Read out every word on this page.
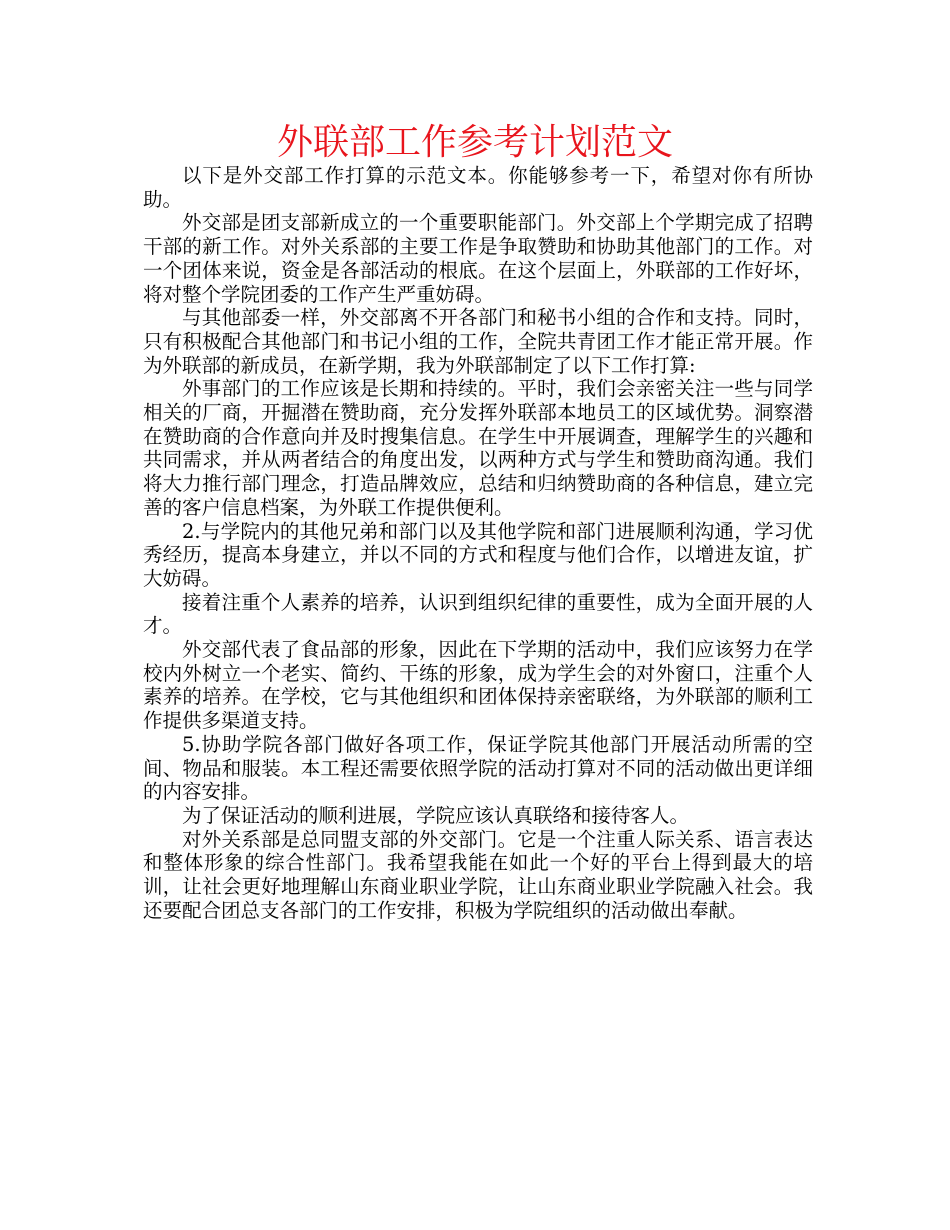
外联部工作参考计划范文

以下是外交部工作打算的示范文本。你能够参考一下，希望对你有所协助。

外交部是团支部新成立的一个重要职能部门。外交部上个学期完成了招聘干部的新工作。对外关系部的主要工作是争取赞助和协助其他部门的工作。对一个团体来说，资金是各部活动的根底。在这个层面上，外联部的工作好坏，将对整个学院团委的工作产生严重妨碍。

与其他部委一样，外交部离不开各部门和秘书小组的合作和支持。同时，只有积极配合其他部门和书记小组的工作，全院共青团工作才能正常开展。作为外联部的新成员，在新学期，我为外联部制定了以下工作打算:

外事部门的工作应该是长期和持续的。平时，我们会亲密关注一些与同学相关的厂商，开掘潜在赞助商，充分发挥外联部本地员工的区域优势。洞察潜在赞助商的合作意向并及时搜集信息。在学生中开展调查，理解学生的兴趣和共同需求，并从两者结合的角度出发，以两种方式与学生和赞助商沟通。我们将大力推行部门理念，打造品牌效应，总结和归纳赞助商的各种信息，建立完善的客户信息档案，为外联工作提供便利。

2.与学院内的其他兄弟和部门以及其他学院和部门进展顺利沟通，学习优秀经历，提高本身建立，并以不同的方式和程度与他们合作，以增进友谊，扩大妨碍。

接着注重个人素养的培养，认识到组织纪律的重要性，成为全面开展的人才。

外交部代表了食品部的形象，因此在下学期的活动中，我们应该努力在学校内外树立一个老实、简约、干练的形象，成为学生会的对外窗口，注重个人素养的培养。在学校，它与其他组织和团体保持亲密联络，为外联部的顺利工作提供多渠道支持。

5.协助学院各部门做好各项工作，保证学院其他部门开展活动所需的空间、物品和服装。本工程还需要依照学院的活动打算对不同的活动做出更详细的内容安排。

为了保证活动的顺利进展，学院应该认真联络和接待客人。

对外关系部是总同盟支部的外交部门。它是一个注重人际关系、语言表达和整体形象的综合性部门。我希望我能在如此一个好的平台上得到最大的培训，让社会更好地理解山东商业职业学院，让山东商业职业学院融入社会。我还要配合团总支各部门的工作安排，积极为学院组织的活动做出奉献。
